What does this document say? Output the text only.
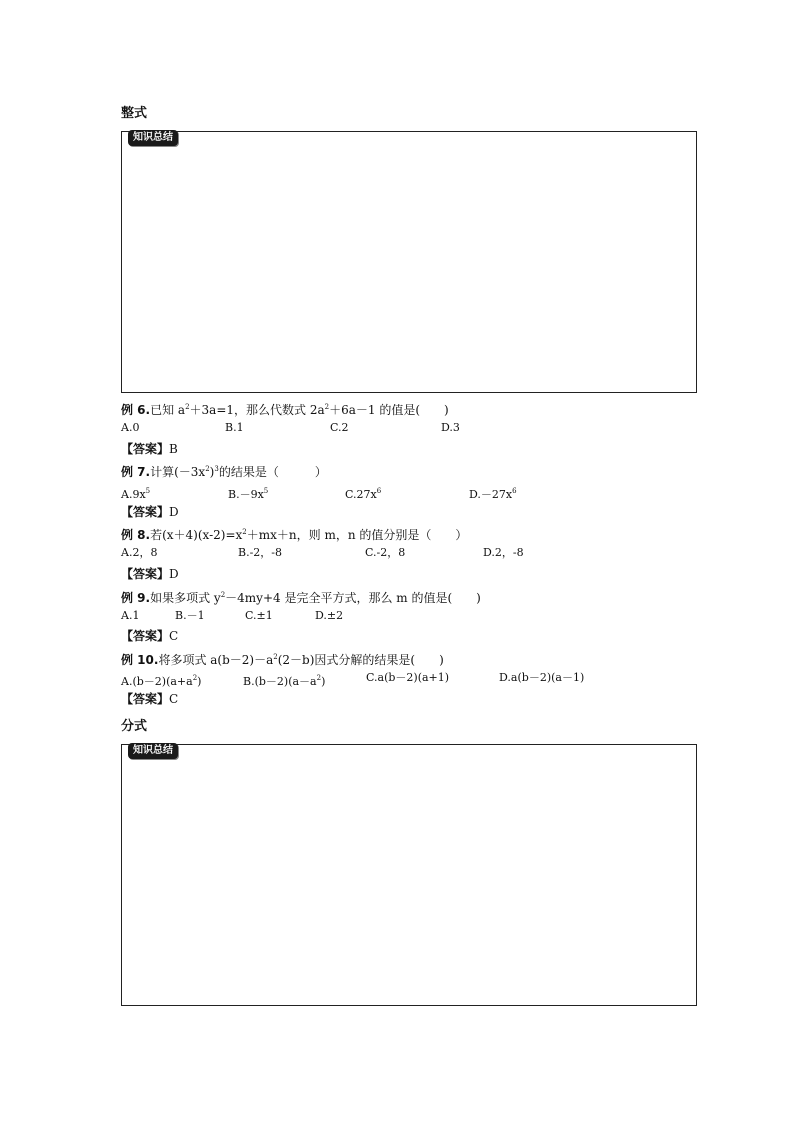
整式
知识总结
例 6.已知 $a^2+3a=1$，那么代数式 $2a^2+6a-1$ 的值是(　　)
A.0	B.1	C.2	D.3
【答案】B
例 7.计算$(-3x^2)^3$的结果是（　　　）
$A.9x^5$	$B.-9x^5$	$C.27x^6$	$D.-27x^6$
【答案】D
例 8.若$(x+4)(x-2)=x^2+mx+n$，则 m，n 的值分别是（　　）
A.2，8	B.-2，-8	C.-2，8	D.2，-8
【答案】D
例 9.如果多项式 $y^2-4my+4$ 是完全平方式，那么 m 的值是(　　)
A.1	B.－1	C.±1	D.±2
【答案】C
例 10.将多项式 $a(b-2)-a^2(2-b)$因式分解的结果是(　　)
$A.(b-2)(a+a^2)$	$B.(b-2)(a-a^2)$	C.a(b－2)(a+1)	D.a(b－2)(a－1)
【答案】C
分式
知识总结
